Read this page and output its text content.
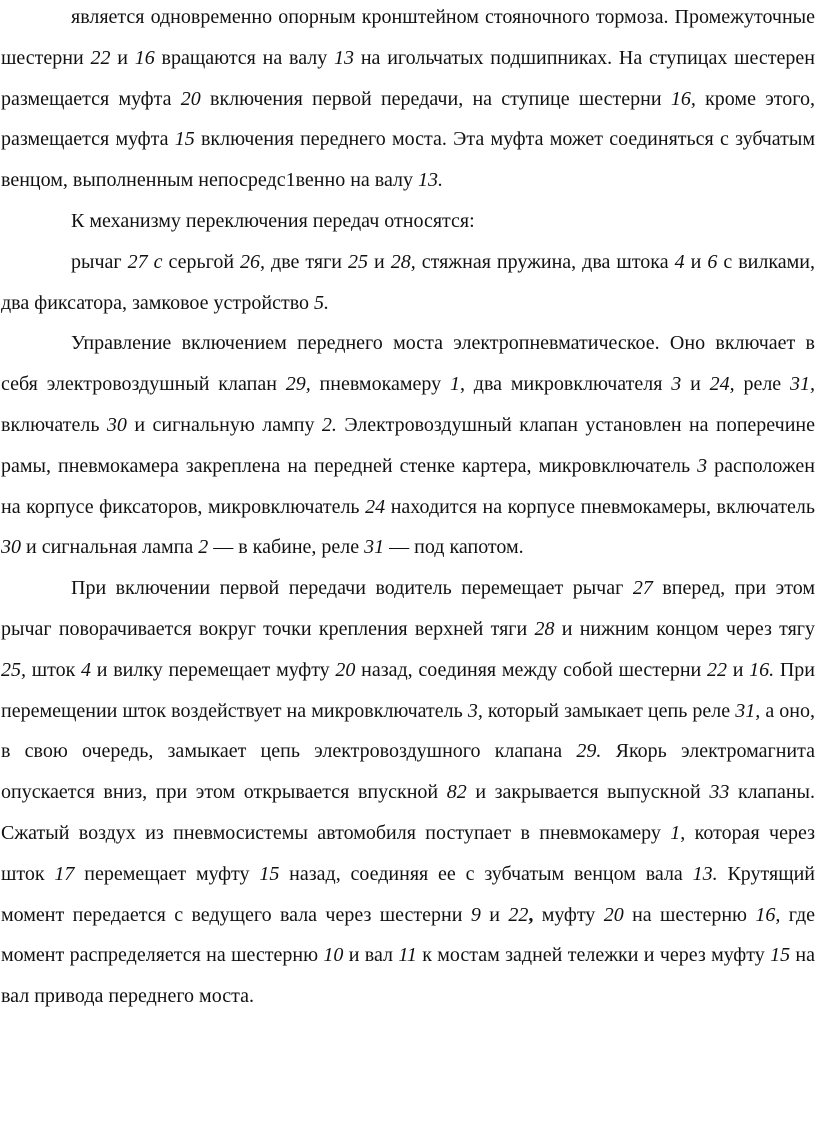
является одновременно опорным кронштейном стояночного тормоза. Промежуточные шестерни 22 и 16 вращаются на валу 13 на игольчатых подшипниках. На ступицах шестерен размещается муфта 20 включения первой передачи, на ступице шестерни 16, кроме этого, размещается муфта 15 включения переднего моста. Эта муфта может соединяться с зубчатым венцом, выполненным непосредс1венно на валу 13.

К механизму переключения передач относятся:

рычаг 27 с серьгой 26, две тяги 25 и 28, стяжная пружина, два штока 4 и 6 с вилками, два фиксатора, замковое устройство 5.

Управление включением переднего моста электропневматическое. Оно включает в себя электровоздушный клапан 29, пневмокамеру 1, два микровключателя 3 и 24, реле 31, включатель 30 и сигнальную лампу 2. Электровоздушный клапан установлен на поперечине рамы, пневмокамера закреплена на передней стенке картера, микровключатель 3 расположен на корпусе фиксаторов, микровключатель 24 находится на корпусе пневмокамеры, включатель 30 и сигнальная лампа 2 — в кабине, реле 31 — под капотом.

При включении первой передачи водитель перемещает рычаг 27 вперед, при этом рычаг поворачивается вокруг точки крепления верхней тяги 28 и нижним концом через тягу 25, шток 4 и вилку перемещает муфту 20 назад, соединяя между собой шестерни 22 и 16. При перемещении шток воздействует на микровключатель 3, который замыкает цепь реле 31, а оно, в свою очередь, замыкает цепь электровоздушного клапана 29. Якорь электромагнита опускается вниз, при этом открывается впускной 82 и закрывается выпускной 33 клапаны. Сжатый воздух из пневмосистемы автомобиля поступает в пневмокамеру 1, которая через шток 17 перемещает муфту 15 назад, соединяя ее с зубчатым венцом вала 13. Крутящий момент передается с ведущего вала через шестерни 9 и 22, муфту 20 на шестерню 16, где момент распределяется на шестерню 10 и вал 11 к мостам задней тележки и через муфту 15 на вал привода переднего моста.
